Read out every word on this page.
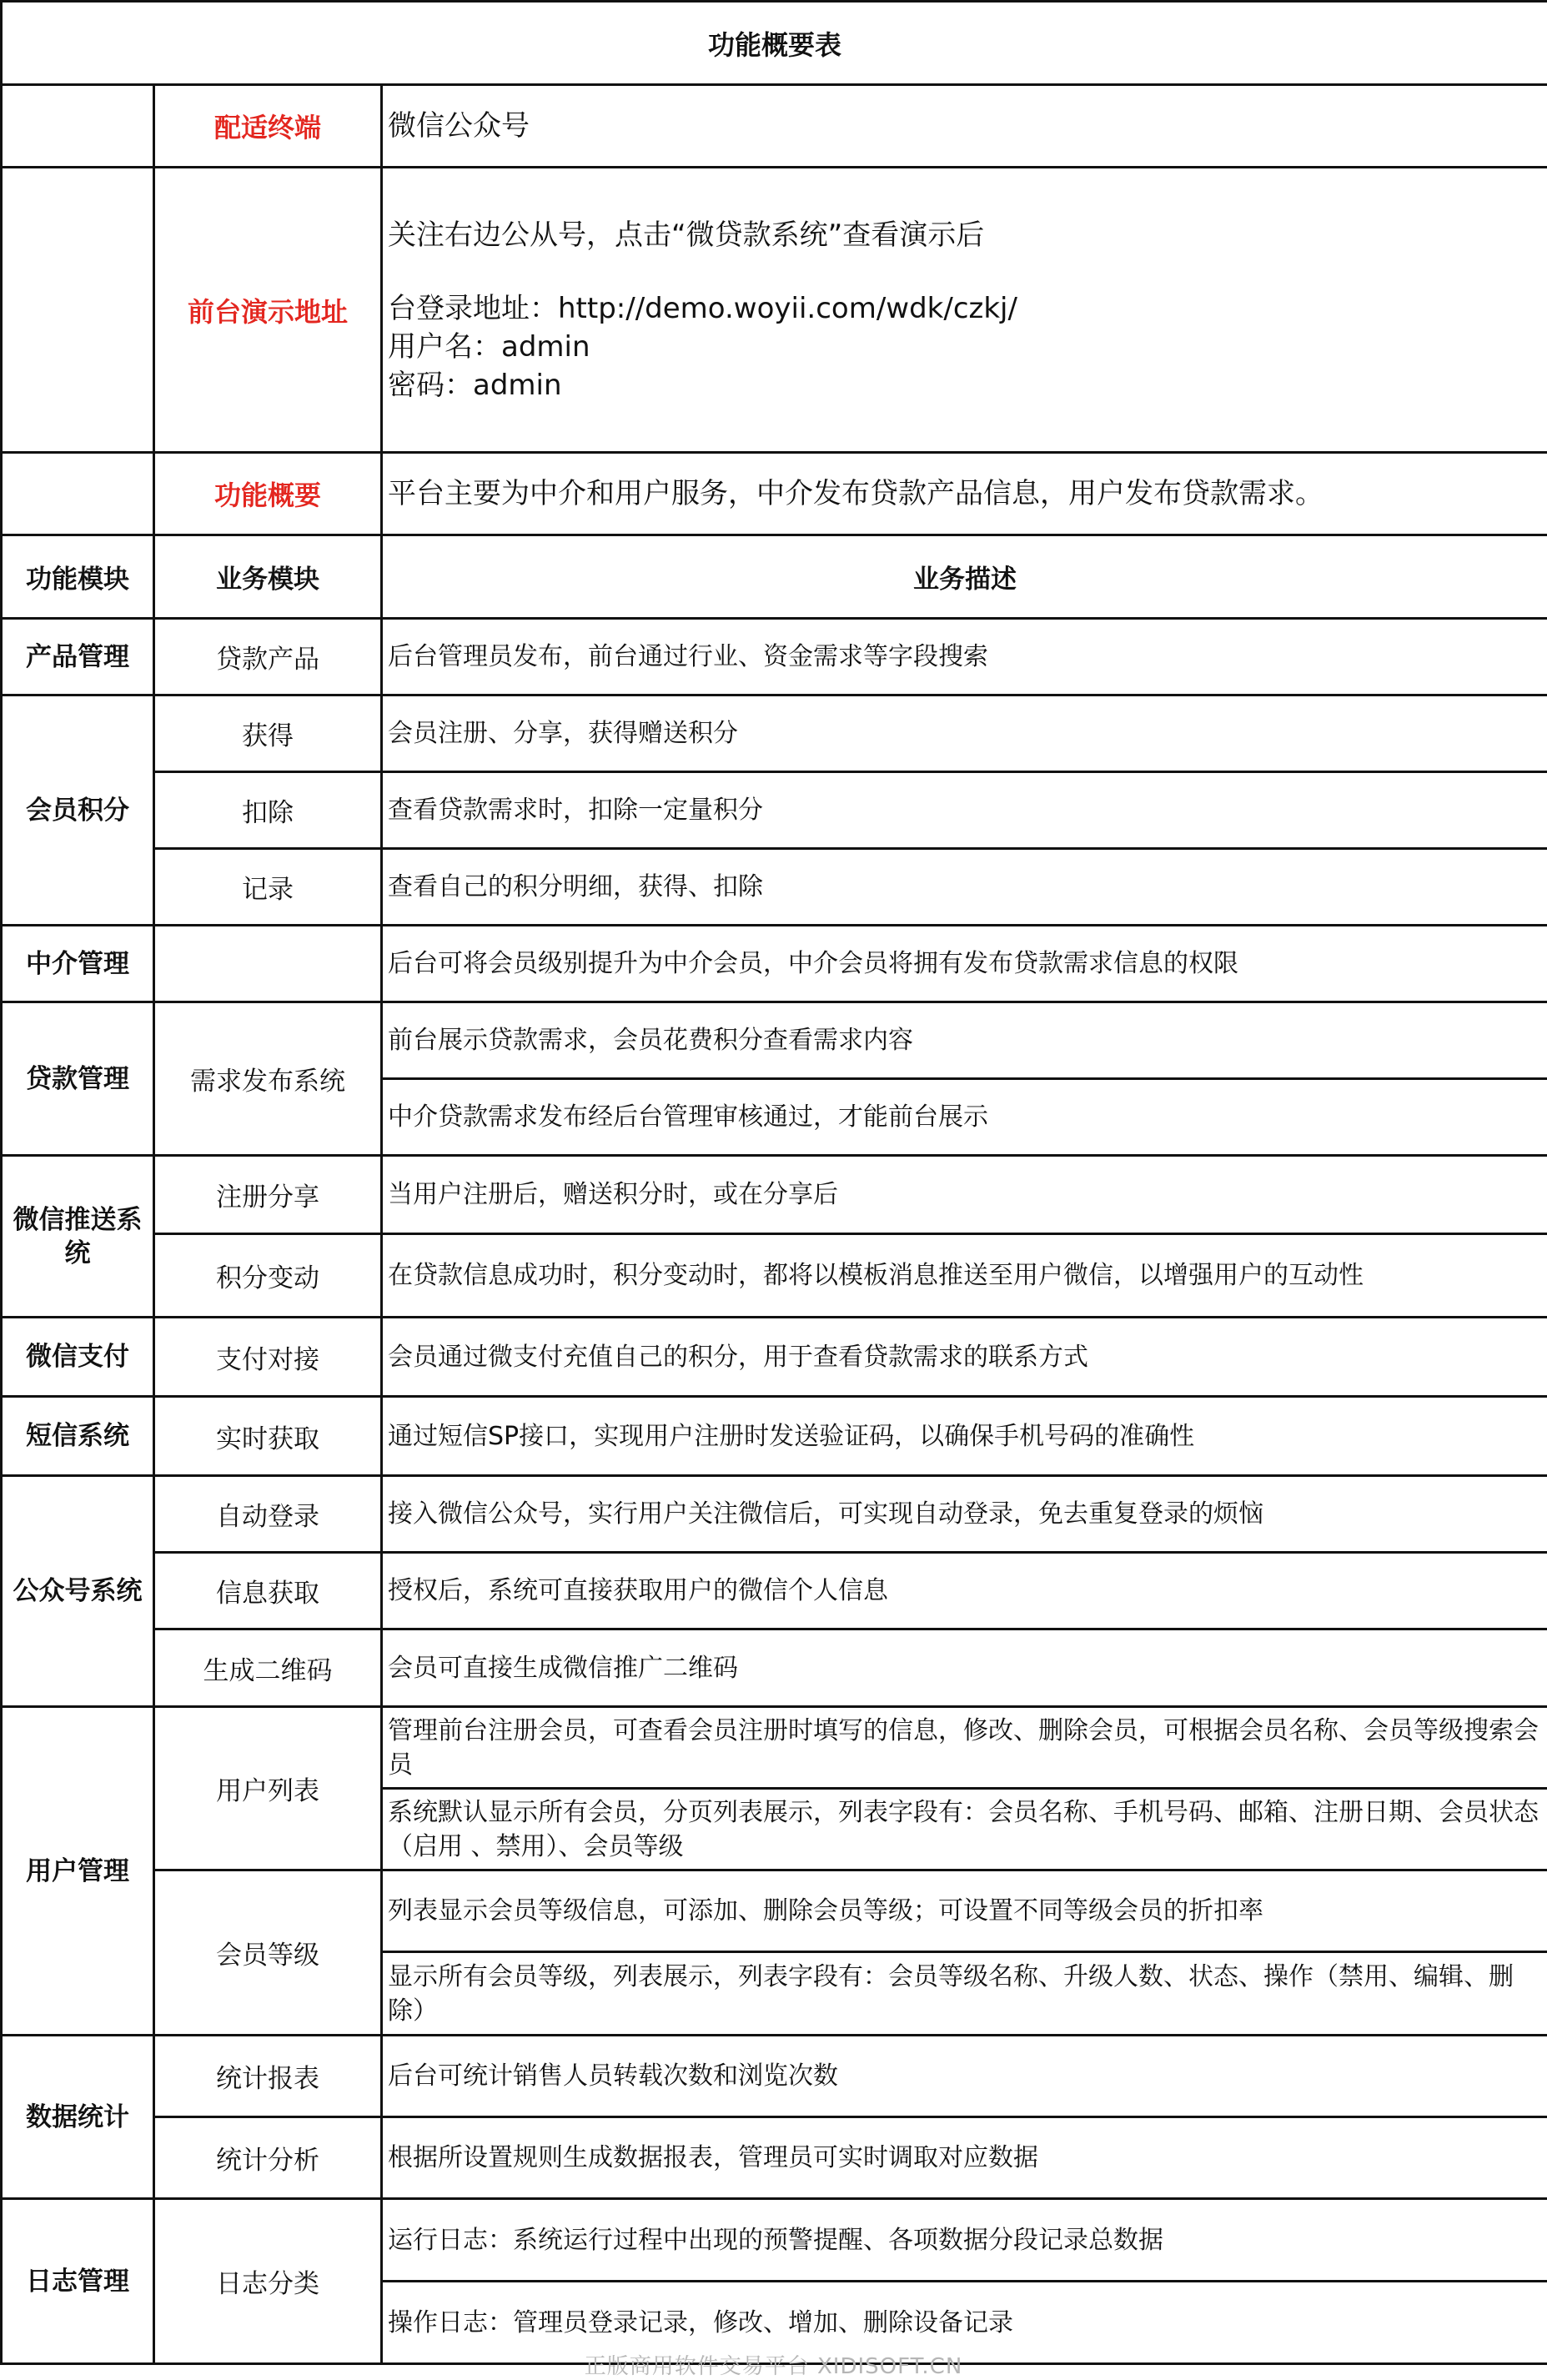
功能概要表		
	配适终端	微信公众号
	前台演示地址	关注右边公从号，点击“微贷款系统”查看演示后
台登录地址：http://demo.woyii.com/wdk/czkj/
用户名：admin
密码：admin

	功能概要	平台主要为中介和用户服务，中介发布贷款产品信息，用户发布贷款需求。
功能模块	业务模块	业务描述
产品管理	贷款产品	后台管理员发布，前台通过行业、资金需求等字段搜索
会员积分	获得	会员注册、分享，获得赠送积分
	扣除	查看贷款需求时，扣除一定量积分
	记录	查看自己的积分明细，获得、扣除
中介管理		后台可将会员级别提升为中介会员，中介会员将拥有发布贷款需求信息的权限
贷款管理	需求发布系统	前台展示贷款需求，会员花费积分查看需求内容
		中介贷款需求发布经后台管理审核通过，才能前台展示
微信推送系统	注册分享	当用户注册后，赠送积分时，或在分享后
	积分变动	在贷款信息成功时，积分变动时，都将以模板消息推送至用户微信，以增强用户的互动性
微信支付	支付对接	会员通过微支付充值自己的积分，用于查看贷款需求的联系方式
短信系统	实时获取	通过短信SP接口，实现用户注册时发送验证码，以确保手机号码的准确性
公众号系统	自动登录	接入微信公众号，实行用户关注微信后，可实现自动登录，免去重复登录的烦恼
	信息获取	授权后，系统可直接获取用户的微信个人信息
	生成二维码	会员可直接生成微信推广二维码
用户管理	用户列表	管理前台注册会员，可查看会员注册时填写的信息，修改、删除会员，可根据会员名称、会员等级搜索会员
		系统默认显示所有会员，分页列表展示，列表字段有：会员名称、手机号码、邮箱、注册日期、会员状态（启用 、禁用）、会员等级
	会员等级	列表显示会员等级信息，可添加、删除会员等级；可设置不同等级会员的折扣率
		显示所有会员等级，列表展示，列表字段有：会员等级名称、升级人数、状态、操作（禁用、编辑、删除）
数据统计	统计报表	后台可统计销售人员转载次数和浏览次数
	统计分析	根据所设置规则生成数据报表，管理员可实时调取对应数据
日志管理	日志分类	运行日志：系统运行过程中出现的预警提醒、各项数据分段记录总数据
		操作日志：管理员登录记录，修改、增加、删除设备记录
正版商用软件交易平台 XIDISOFT.CN
